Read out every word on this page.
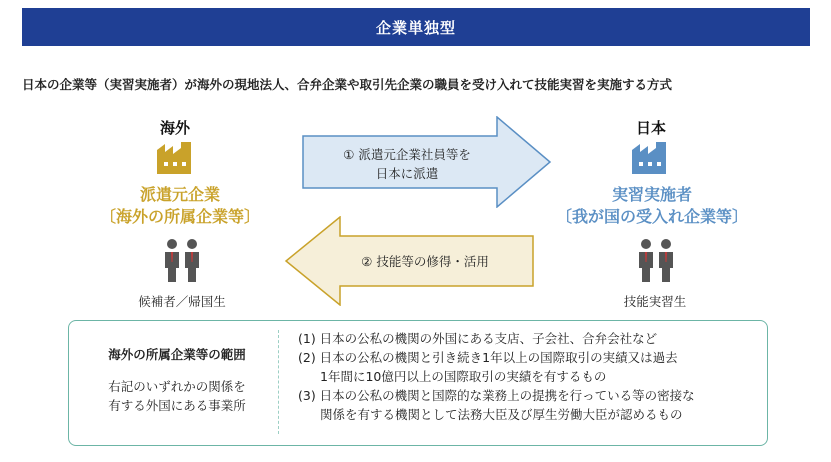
企業単独型
日本の企業等（実習実施者）が海外の現地法人、合弁企業や取引先企業の職員を受け入れて技能実習を実施する方式
海外
派遣元企業
〔海外の所属企業等〕
候補者／帰国生
日本
実習実施者
〔我が国の受入れ企業等〕
技能実習生
① 派遣元企業社員等を
日本に派遣
② 技能等の修得・活用
海外の所属企業等の範囲
右記のいずれかの関係を
有する外国にある事業所
(1) 日本の公私の機関の外国にある支店、子会社、合弁会社など
(2) 日本の公私の機関と引き続き1年以上の国際取引の実績又は過去
1年間に10億円以上の国際取引の実績を有するもの
(3) 日本の公私の機関と国際的な業務上の提携を行っている等の密接な
関係を有する機関として法務大臣及び厚生労働大臣が認めるもの
